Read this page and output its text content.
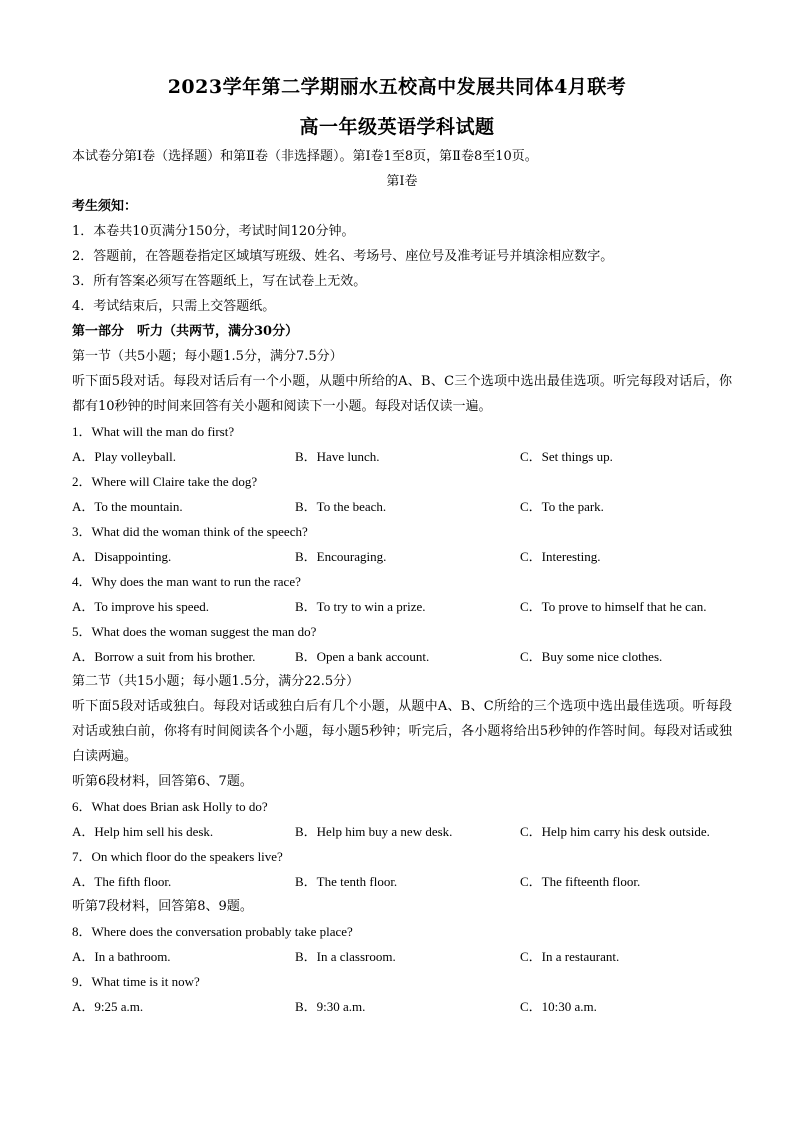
2023学年第二学期丽水五校高中发展共同体4月联考
高一年级英语学科试题
本试卷分第Ⅰ卷（选择题）和第Ⅱ卷（非选择题）。第Ⅰ卷1至8页，第Ⅱ卷8至10页。
第Ⅰ卷
考生须知：
1．本卷共10页满分150分，考试时间120分钟。
2．答题前，在答题卷指定区域填写班级、姓名、考场号、座位号及准考证号并填涂相应数字。
3．所有答案必须写在答题纸上，写在试卷上无效。
4．考试结束后，只需上交答题纸。
第一部分　听力（共两节，满分30分）
第一节（共5小题；每小题1.5分，满分7.5分）
听下面5段对话。每段对话后有一个小题，从题中所给的A、B、C三个选项中选出最佳选项。听完每段对话后，你都有10秒钟的时间来回答有关小题和阅读下一小题。每段对话仅读一遍。
1．What will the man do first?
A．Play volleyball.	B．Have lunch.	C．Set things up.
2．Where will Claire take the dog?
A．To the mountain.	B．To the beach.	C．To the park.
3．What did the woman think of the speech?
A．Disappointing.	B．Encouraging.	C．Interesting.
4．Why does the man want to run the race?
A．To improve his speed.	B．To try to win a prize.	C．To prove to himself that he can.
5．What does the woman suggest the man do?
A．Borrow a suit from his brother.	B．Open a bank account.	C．Buy some nice clothes.
第二节（共15小题；每小题1.5分，满分22.5分）
听下面5段对话或独白。每段对话或独白后有几个小题，从题中A、B、C所给的三个选项中选出最佳选项。听每段对话或独白前，你将有时间阅读各个小题，每小题5秒钟；听完后，各小题将给出5秒钟的作答时间。每段对话或独白读两遍。
听第6段材料，回答第6、7题。
6．What does Brian ask Holly to do?
A．Help him sell his desk.	B．Help him buy a new desk.	C．Help him carry his desk outside.
7．On which floor do the speakers live?
A．The fifth floor.	B．The tenth floor.	C．The fifteenth floor.
听第7段材料，回答第8、9题。
8．Where does the conversation probably take place?
A．In a bathroom.	B．In a classroom.	C．In a restaurant.
9．What time is it now?
A．9:25 a.m.	B．9:30 a.m.	C．10:30 a.m.
